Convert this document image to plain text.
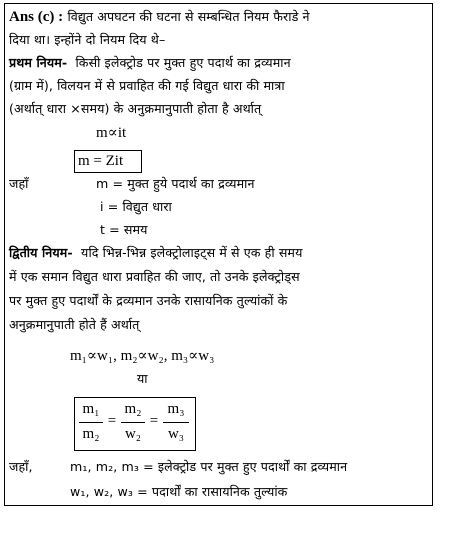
Ans (c) : विद्युत अपघटन की घटना से सम्बन्धित नियम फैराडे ने
दिया था। इन्होंने दो नियम दिय थे–
प्रथम नियम- किसी इलेक्ट्रोड पर मुक्त हुए पदार्थ का द्रव्यमान
(ग्राम में), विलयन में से प्रवाहित की गई विद्युत धारा की मात्रा
(अर्थात् धारा ×समय) के अनुक्रमानुपाती होता है अर्थात्
m∝it
m = Zit
जहाँ	m = मुक्त हुये पदार्थ का द्रव्यमान
i = विद्युत धारा
t = समय
द्वितीय नियम- यदि भिन्न-भिन्न इलेक्ट्रोलाइट्स में से एक ही समय
में एक समान विद्युत धारा प्रवाहित की जाए, तो उनके इलेक्ट्रोड्स
पर मुक्त हुए पदार्थों के द्रव्यमान उनके रासायनिक तुल्यांकों के
अनुक्रमानुपाती होते हैं अर्थात्
m₁∝w₁, m₂∝w₂, m₃∝w₃
या
m₁
m₂
=
m₂
w₂
=
m₃
w₃
जहाँ,	m₁, m₂, m₃ = इलेक्ट्रोड पर मुक्त हुए पदार्थों का द्रव्यमान
w₁, w₂, w₃ = पदार्थों का रासायनिक तुल्यांक
